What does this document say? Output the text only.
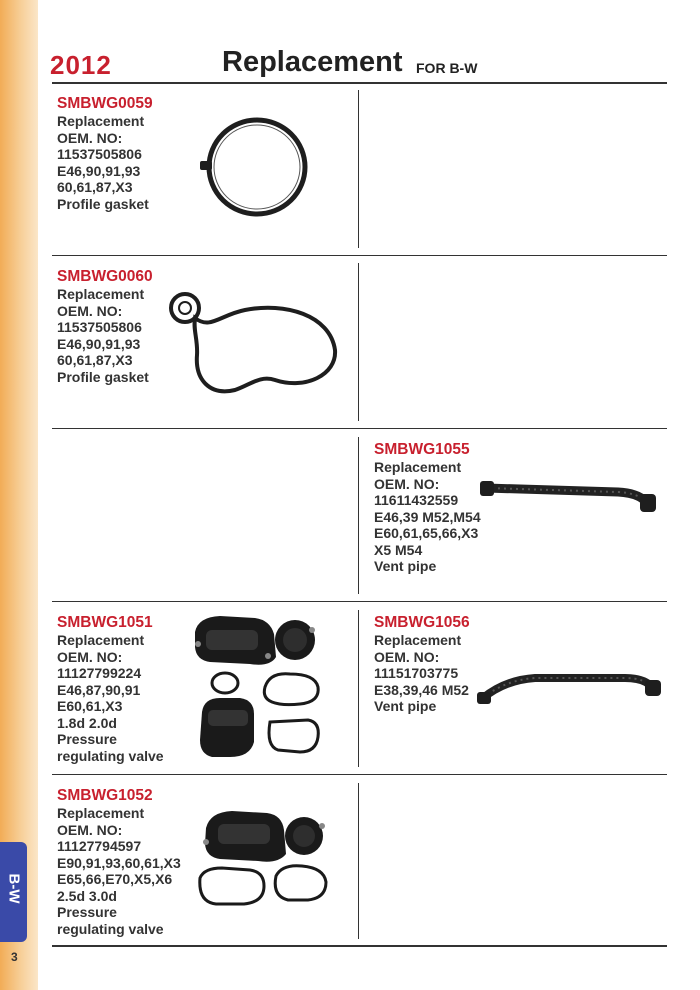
B-W
3
2012	Replacement FOR B-W
SMBWG0059
Replacement
OEM. NO:
11537505806
E46,90,91,93
60,61,87,X3
Profile gasket
SMBWG0060
Replacement
OEM. NO:
11537505806
E46,90,91,93
60,61,87,X3
Profile gasket
SMBWG1055
Replacement
OEM. NO:
11611432559
E46,39 M52,M54
E60,61,65,66,X3
X5 M54
Vent pipe
SMBWG1051
Replacement
OEM. NO:
11127799224
E46,87,90,91
E60,61,X3
1.8d 2.0d
Pressure
regulating valve
SMBWG1056
Replacement
OEM. NO:
11151703775
E38,39,46 M52
Vent pipe
SMBWG1052
Replacement
OEM. NO:
11127794597
E90,91,93,60,61,X3
E65,66,E70,X5,X6
2.5d 3.0d
Pressure
regulating valve
